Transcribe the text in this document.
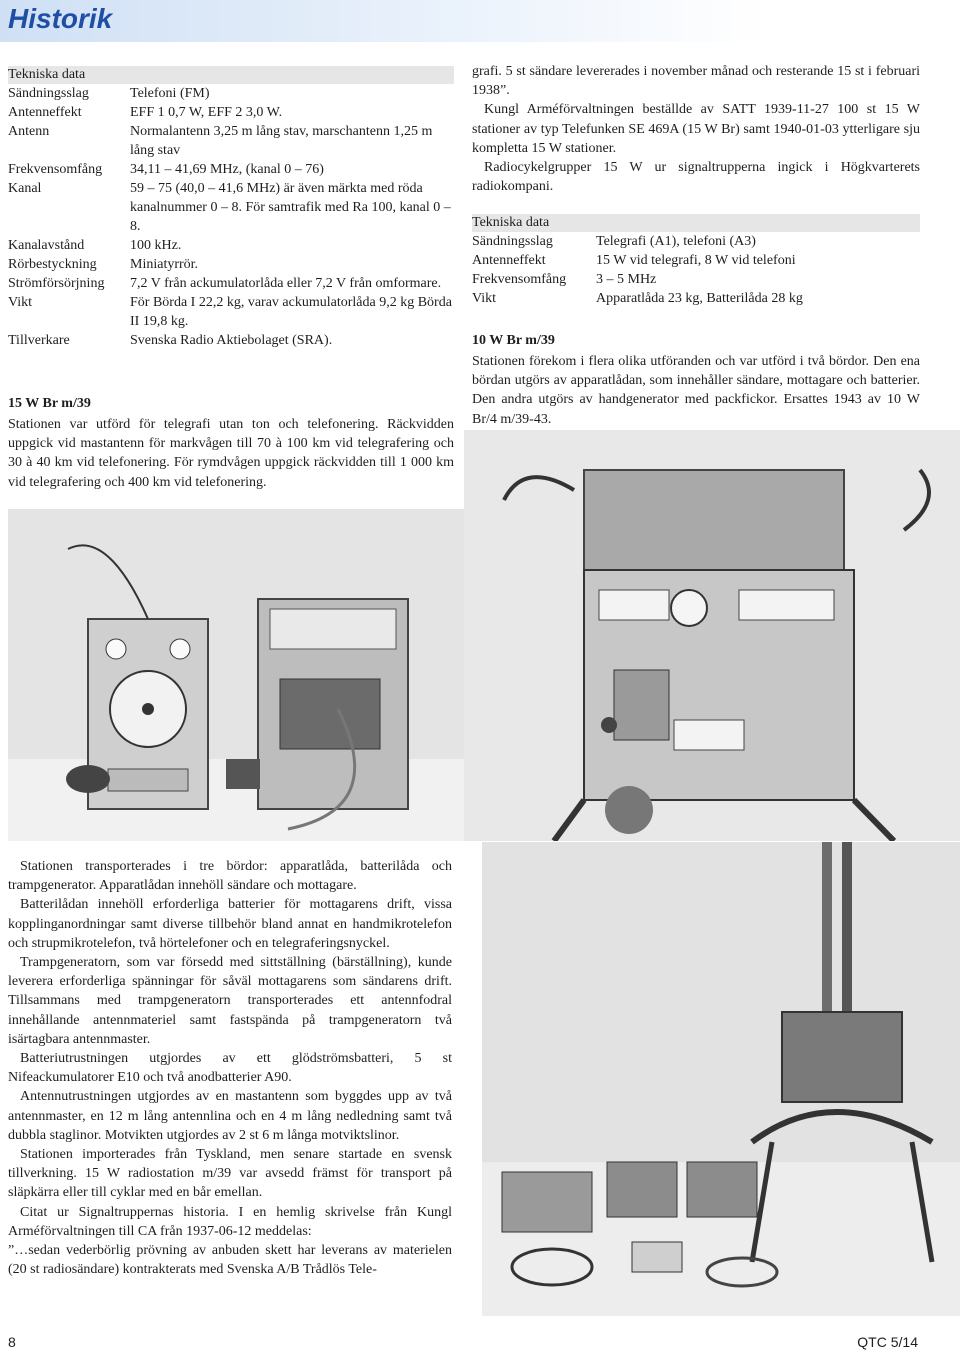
Historik
Tekniska data
Sändningsslag	Telefoni (FM)
Antenneffekt	EFF 1 0,7 W, EFF 2 3,0 W.
Antenn	Normalantenn 3,25 m lång stav, marschantenn 1,25 m lång stav
Frekvensomfång	34,11 – 41,69 MHz, (kanal 0 – 76)
Kanal	59 – 75 (40,0 – 41,6 MHz) är även märkta med röda kanalnummer 0 – 8. För samtrafik med Ra 100, kanal 0 – 8.
Kanalavstånd	100 kHz.
Rörbestyckning	Miniatyrrör.
Strömförsörjning	7,2 V från ackumulatorlåda eller 7,2 V från omformare.
Vikt	För Börda I 22,2 kg, varav ackumulatorlåda 9,2 kg Börda II 19,8 kg.
Tillverkare	Svenska Radio Aktiebolaget (SRA).
15 W Br m/39

Stationen var utförd för telegrafi utan ton och telefonering. Räckvidden uppgick vid mastantenn för markvågen till 70 à 100 km vid telegrafering och 30 à 40 km vid telefonering. För rymdvågen uppgick räckvidden till 1 000 km vid telegrafering och 400 km vid telefonering.

grafi. 5 st sändare levererades i november månad och resterande 15 st i februari 1938”.

Kungl Arméförvaltningen beställde av SATT 1939-11-27 100 st 15 W stationer av typ Telefunken SE 469A (15 W Br) samt 1940-01-03 ytterligare sju kompletta 15 W stationer.

Radiocykelgrupper 15 W ur signaltrupperna ingick i Högkvarterets radiokompani.

Tekniska data
Sändningsslag	Telegrafi (A1), telefoni (A3)
Antenneffekt	15 W vid telegrafi, 8 W vid telefoni
Frekvensomfång	3 – 5 MHz
Vikt	Apparatlåda 23 kg, Batterilåda 28 kg
10 W Br m/39

Stationen förekom i flera olika utföranden och var utförd i två bördor. Den ena bördan utgörs av apparatlådan, som innehåller sändare, mottagare och batterier. Den andra utgörs av handgenerator med packfickor. Ersattes 1943 av 10 W Br/4 m/39-43.

Stationen transporterades i tre bördor: apparatlåda, batterilåda och trampgenerator. Apparatlådan innehöll sändare och mottagare.

Batterilådan innehöll erforderliga batterier för mottagarens drift, vissa kopplinganordningar samt diverse tillbehör bland annat en handmikrotelefon och strupmikrotelefon, två hörtelefoner och en telegraferingsnyckel.

Trampgeneratorn, som var försedd med sittställning (bärställning), kunde leverera erforderliga spänningar för såväl mottagarens som sändarens drift. Tillsammans med trampgeneratorn transporterades ett antennfodral innehållande antennmateriel samt fastspända på trampgeneratorn två isärtagbara antennmaster.

Batteriutrustningen utgjordes av ett glödströmsbatteri, 5 st Nifeackumulatorer E10 och två anodbatterier A90.

Antennutrustningen utgjordes av en mastantenn som byggdes upp av två antennmaster, en 12 m lång antennlina och en 4 m lång nedledning samt två dubbla staglinor. Motvikten utgjordes av 2 st 6 m långa motviktslinor.

Stationen importerades från Tyskland, men senare startade en svensk tillverkning. 15 W radiostation m/39 var avsedd främst för transport på släpkärra eller till cyklar med en bår emellan.

Citat ur Signaltruppernas historia. I en hemlig skrivelse från Kungl Arméförvaltningen till CA från 1937-06-12 meddelas:

”…sedan vederbörlig prövning av anbuden skett har leverans av materielen (20 st radiosändare) kontrakterats med Svenska A/B Trådlös Tele-

8	QTC 5/14
